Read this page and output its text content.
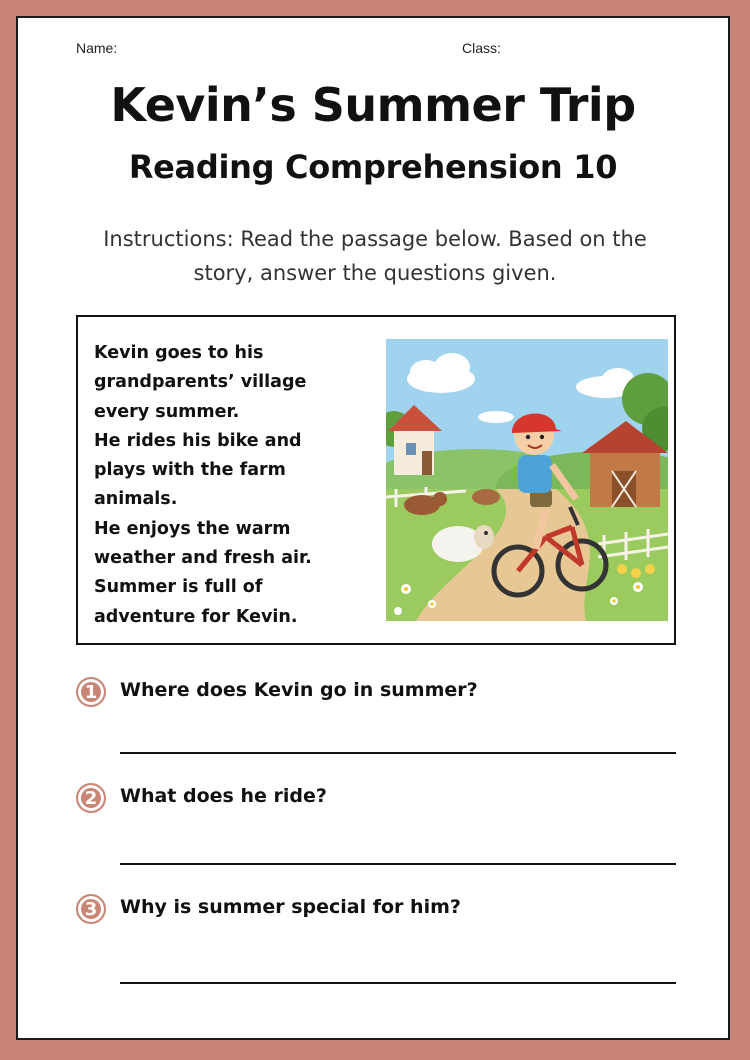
Name:	Class:
Kevin’s Summer Trip
Reading Comprehension 10
Instructions: Read the passage below. Based on the story, answer the questions given.
Kevin goes to his
grandparents’ village
every summer.
He rides his bike and
plays with the farm
animals.
He enjoys the warm
weather and fresh air.
Summer is full of
adventure for Kevin.
1	Where does Kevin go in summer?
2	What does he ride?
3	Why is summer special for him?
